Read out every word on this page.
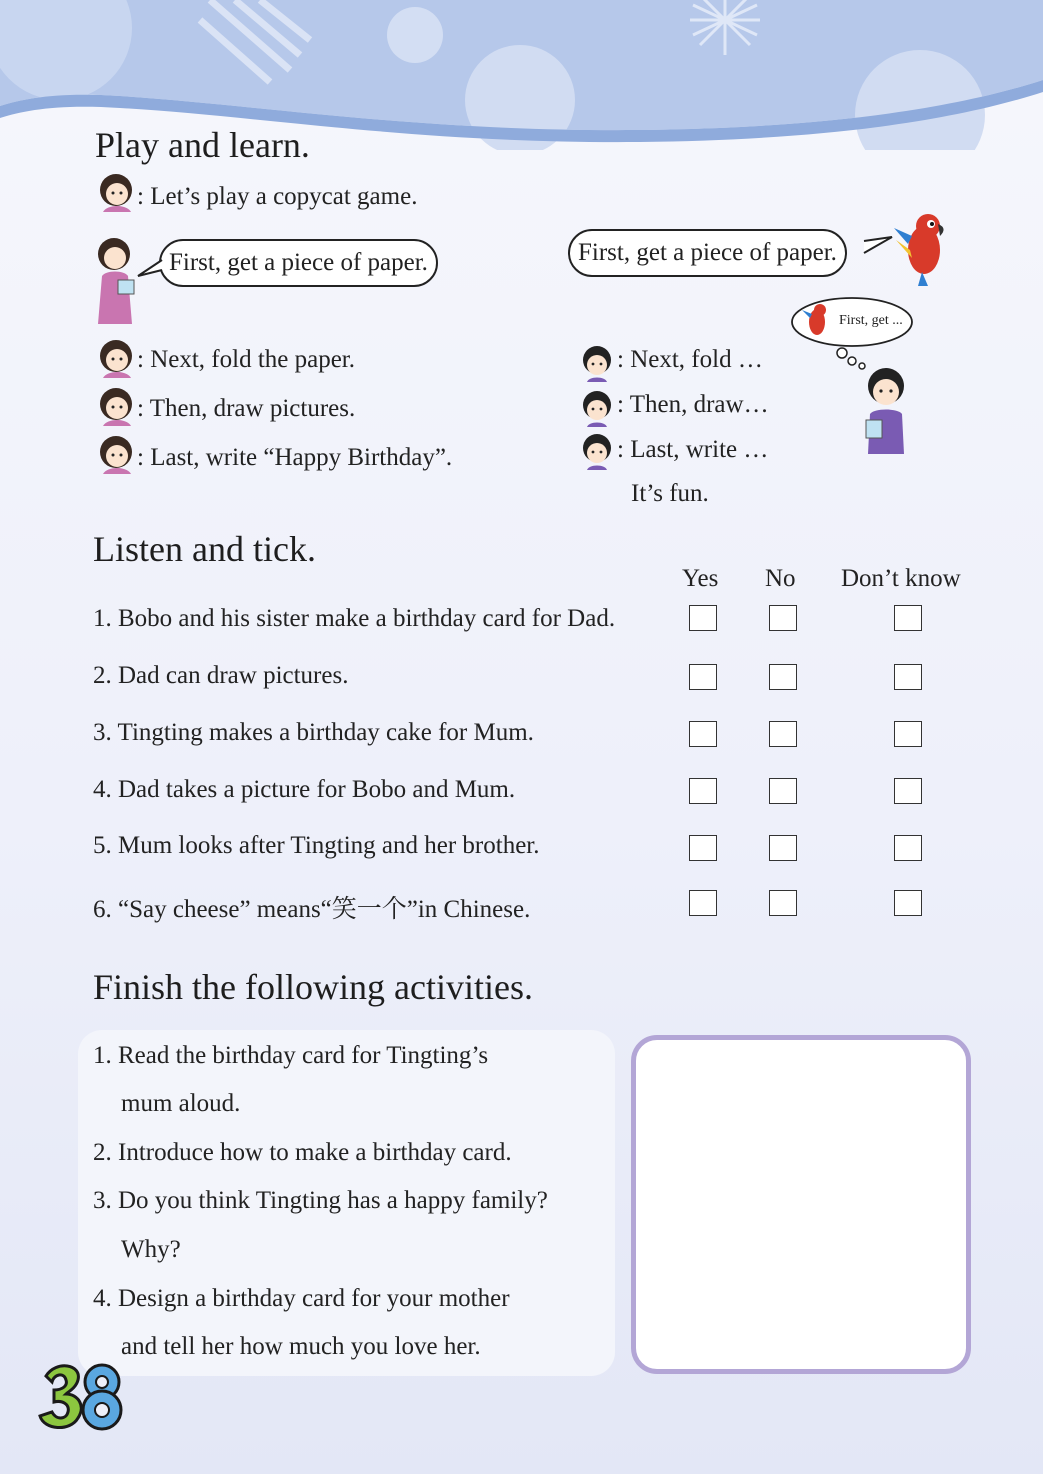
Play and learn.
: Let’s play a copycat game.
First, get a piece of paper.	First, get a piece of paper.
First, get ...
: Next, fold the paper.
: Then, draw pictures.
: Last, write “Happy Birthday”.
: Next, fold …
: Then, draw…
: Last, write …
It’s fun.
Listen and tick.
Yes No Don’t know
1. Bobo and his sister make a birthday card for Dad.
2. Dad can draw pictures.
3. Tingting makes a birthday cake for Mum.
4. Dad takes a picture for Bobo and Mum.
5. Mum looks after Tingting and her brother.
6. “Say cheese” means“笑一个”in Chinese.
Finish the following activities.
1. Read the birthday card for Tingting’s
mum aloud.
2. Introduce how to make a birthday card.
3. Do you think Tingting has a happy family?
Why?
4. Design a birthday card for your mother
and tell her how much you love her.
